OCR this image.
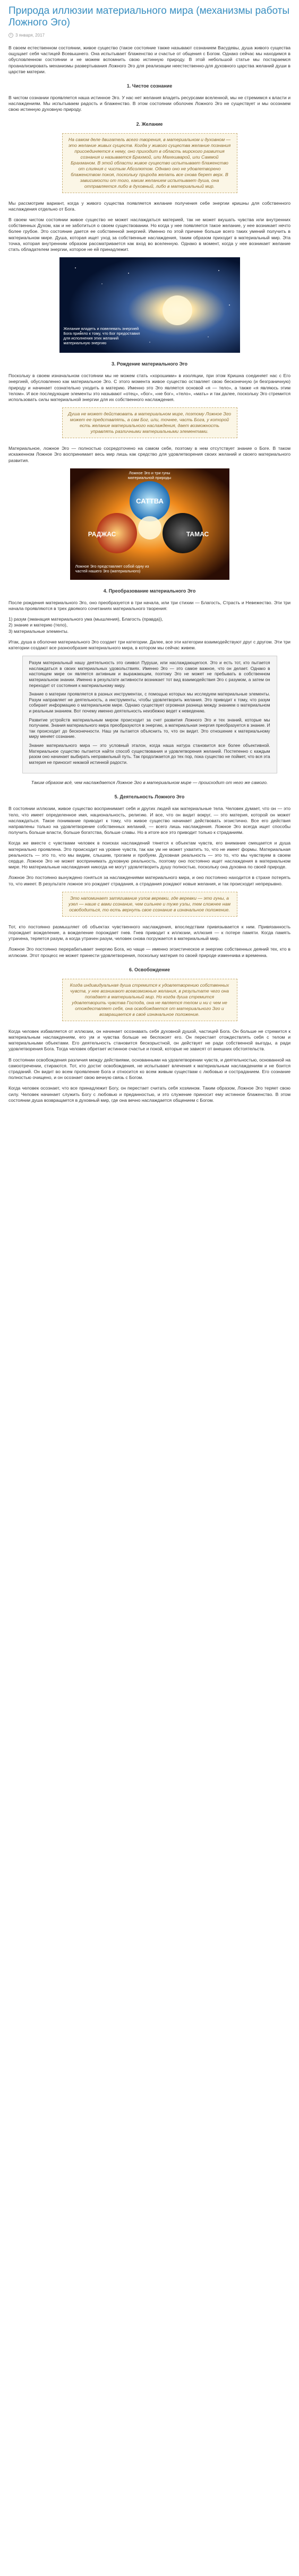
Природа иллюзии материального мира (механизмы работы Ложного Эго)
3 января, 2017

В своем естественном состоянии, живое существо (такое состояние также называют сознанием Васудевы, душа живого существа ощущает себя частицей Всевышнего. Она испытывает блаженство и счастье от общения с Богом. Однако сейчас мы находимся в обусловленном состоянии и не можем вспомнить свою истинную природу. В этой небольшой статье мы постараемся проанализировать механизмы развертывания Ложного Эго для реализации неестественно-для духовного царства желаний души в царстве материи.

1. Чистое сознание

В чистом сознании проявляется наша истинное Эго. У нас нет желания владеть ресурсами вселенной, мы не стремимся к власти и наслаждениям. Мы испытываем радость и блаженство. В этом состоянии оболочек Ложного Эго не существует и мы осознаем свою истинную духовную природу.

2. Желание

На самом деле двигатель всего творения, в материальном и духовном — это желание живых существ. Когда у живого существа желание познания присоединяется к нему, оно приходит в область мирского развития сознания и называется Брахмой, или Махешварой, или Саммой Брахманом. В этой области живое существо испытывает блаженство от слияния с чистым Абсолютом. Однако оно не удовлетворено блаженством покоя, поскольку природа желать все снова берет верх. В зависимости от того, каким желанием испытывает душа, она отправляется либо в духовный, либо в материальный мир.

Мы рассмотрим вариант, когда у живого существа появляется желание получения себе энергии кришны для собственного наслаждения отдельно от Бога.

В своем чистом состоянии живое существо не может наслаждаться материей, так не может вкушать чувства или внутренних собственных Духом, как и не заботиться о своем существовании. Но когда у нее появляется такое желание, у нее возникает нечто более грубое. Это состояние дается ее собственной энергией. Именно по этой причине больше всего таких умений получить в материальном мире. Душа, которая ищет уход за собственные наслаждения, таким образом приходит в материальный мир. Эта точка, которая внутренним образом рассматривается как вход во вселенную. Однако в момент, когда у нее возникает желание стать обладателем энергии, которое не ей принадлежит.

Желание владеть и повелевать энергией Бога привело к тому, что Бог предоставил для исполнения этих желаний материальную энергию
3. Рождение материального Эго

Поскольку в своем изначальном состоянии мы не можем стать «хорошими» в изоляции, при этом Кришна соединяет нас с Его энергией, обусловленно как материальное Эго. С этого момента живое существо оставляет свою бесконечную (и безграничную) природу и начинает сознательно уходить в материю. Именно это Эго является основой «я — тело», а также «я являюсь этим телом». И все последующие элементы это называют «отец», «бог», «не бог», «тело», «мать» и так далее, поскольку Эго стремится использовать силы материальной энергии для их собственного наслаждения.

Душа не может действовать в материальном мире, поэтому Ложное Эго может ее представлять, а сам Бог, или, точнее, часть Бога, у которой есть желание материального наслаждения, дает возможность управлять различными материальными элементами.

Материальное, ложное Эго — полностью сосредоточено на самом себе, поэтому в нем отсутствует знание о Боге. В таком искаженном Ложное Эго воспринимает весь мир лишь как средство для удовлетворения своих желаний и своего материального развития.

САТТВА
РАДЖАС	ТАМАС
Ложное Эго и три гуны материальной природы
Ложное Эго представляет собой одну из частей нашего Эго (материального)
4. Преобразование материального Эго

После рождения материального Эго, оно преобразуется в три начала, или три стихии — Благость, Страсть и Невежество. Эти три начала проявляются в трех двоякого сочетаниях материального творения:

1) разум (эманация материального ума (мышления), Благость (правда)),
2) знание и материю (тело),
3) материальные элементы.

Итак, душа в оболочке материального Эго создает три категории. Далее, все эти категории взаимодействуют друг с другом. Эти три категории создают все разнообразие материального мира, в котором мы сейчас живем.

Разум материальный нашу деятельность это символ Пуруши, или наслаждающегося. Это и есть тот, кто пытается наслаждаться в своих материальных удовольствиях. Именно Эго — это самое важное, что он делает. Однако в настоящем мире он является активным и выражающим, поэтому Эго не может не пребывать в собственном материальном знании. Именно в результате активности возникает тот вид взаимодействия Эго с разумом, а затем он переходит от состояния к материальному миру.

Знание о материи проявляется в разных инструментах, с помощью которых мы исследуем материальные элементы. Разум направляет не деятельность, а инструменты, чтобы удовлетворить желания. Это приводит к тому, что разум собирает информацию о материальном мире. Однако существует огромная разница между знанием о материальном и реальным знанием. Вот почему именно деятельность неизбежно ведет к неведению.

Развитие устройств материальным миром происходит за счет развития Ложного Эго и тех знаний, которые мы получаем. Знания материального мира преобразуются в энергию, а материальная энергия преобразуется в знание. И так происходит до бесконечности. Наш ум пытается объяснить то, что он видит. Это отношение к материальному миру меняет сознание.

Знание материального мира — это условный эталон, когда наша натура становится все более объективной. Материальное существо пытается найти способ существования и удовлетворения желаний. Постепенно с каждым разом оно начинает выбирать неправильный путь. Так продолжается до тех пор, пока существо не поймет, что вся эта материя не приносит никакой истинной радости.

Таким образом всё, чем наслаждается Ложное Эго в материальном мире — происходит от него же самого.

5. Деятельность Ложного Эго

В состоянии иллюзии, живое существо воспринимает себя и других людей как материальные тела. Человек думает, что он — это тело, что имеет определенное имя, национальность, религию. И все, что он видит вокруг, — это материя, которой он может наслаждаться. Такое понимание приводит к тому, что живое существо начинает действовать эгоистично. Все его действия направлены только на удовлетворение собственных желаний, — всего лишь наслаждения. Ложное Эго всегда ищет способы получить больше власти, больше богатства, больше славы. Но в итоге все это приводит только к страданиям.

Когда же вместе с чувствами человек в поисках наслаждений тянется к объектам чувств, его внимание смещается и душа материально проявлена. Это происходит на уровне чувств, так как ум не может ухватить то, что не имеет формы. Материальная реальность — это то, что мы видим, слышим, трогаем и пробуем. Духовная реальность — это то, что мы чувствуем в своем сердце. Ложное Эго не может воспринимать духовную реальность, поэтому оно постоянно ищет наслаждения в материальном мире. Но материальные наслаждения никогда не могут удовлетворить душу полностью, поскольку она духовна по своей природе.

Ложное Эго постоянно вынуждено гоняться за наслаждениями материального мира, и оно постоянно находится в страхе потерять то, что имеет. В результате ложное эго рождает страдания, а страдания рождают новые желания, и так происходит непрерывно.

Это напоминает затягивание узлов веревки, где веревки — это гуны, а узел — наше с вами сознание, чем сильнее и туже узлы, тем сложнее нам освободиться, то есть вернуть свое сознание в изначальное положение.

Тот, кто постоянно размышляет об объектах чувственного наслаждения, впоследствии привязывается к ним. Привязанность порождает вожделение, а вожделение порождает гнев. Гнев приводит к иллюзии, иллюзия — к потере памяти. Когда память утрачена, теряется разум, а когда утрачен разум, человек снова погружается в материальный мир.

Ложное Эго постоянно перерабатывает энергию Бога, но чаще — именно эгоистическое и энергию собственных деяний тех, кто в иллюзии. Этот процесс не может принести удовлетворения, поскольку материя по своей природе изменчива и временна.

6. Освобождение

Когда индивидуальная душа стремится к удовлетворению собственных чувств, у нее возникают всевозможные желания, в результате чего она попадает в материальный мир. Но когда душа стремится удовлетворить чувства Господа, она не является телом и ни с чем не отождествляет себя, она освобождается от материального Эго и возвращается в своё изначальное положение.

Когда человек избавляется от иллюзии, он начинает осознавать себя духовной душой, частицей Бога. Он больше не стремится к материальным наслаждениям, его ум и чувства больше не беспокоят его. Он перестает отождествлять себя с телом и материальными объектами. Его деятельность становится бескорыстной, он действует не ради собственной выгоды, а ради удовлетворения Бога. Тогда человек обретает истинное счастье и покой, которые не зависят от внешних обстоятельств.

В состоянии освобождения различия между действиями, основанными на удовлетворении чувств, и деятельностью, основанной на самоотречении, стираются. Тот, кто достиг освобождения, не испытывает влечения к материальным наслаждениям и не боится страданий. Он видит во всем проявление Бога и относится ко всем живым существам с любовью и состраданием. Его сознание полностью очищено, и он осознает свою вечную связь с Богом.

Когда человек осознает, что все принадлежит Богу, он перестает считать себя хозяином. Таким образом, Ложное Эго теряет свою силу. Человек начинает служить Богу с любовью и преданностью, и это служение приносит ему истинное блаженство. В этом состоянии душа возвращается в духовный мир, где она вечно наслаждается общением с Богом.
